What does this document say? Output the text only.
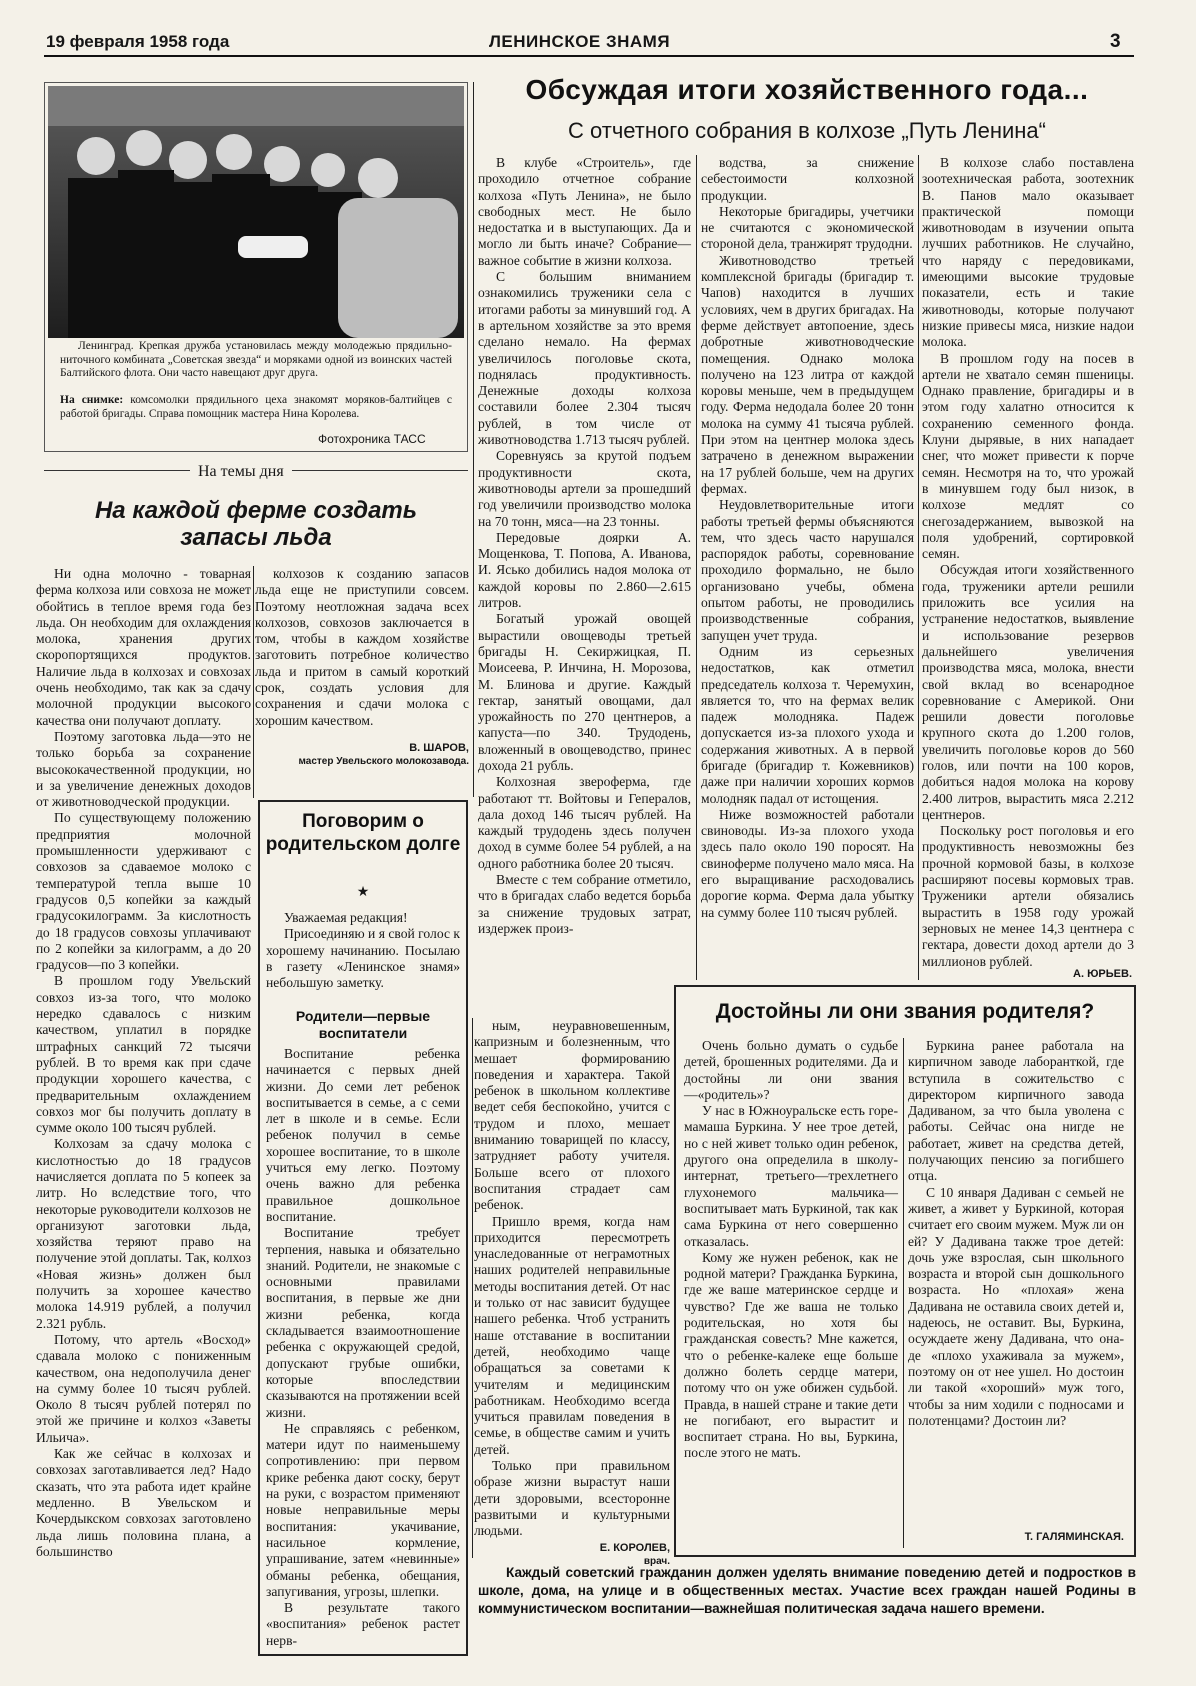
19 февраля 1958 года	ЛЕНИНСКОЕ ЗНАМЯ	3
Ленинград. Крепкая дружба установилась между молодежью прядильно-ниточного комбината „Советская звезда“ и моряками одной из воинских частей Балтийского флота. Они часто навещают друг друга.
На снимке: комсомолки прядильного цеха знакомят моряков-балтийцев с работой бригады. Справа помощник мастера Нина Королева.
Фотохроника ТАСС
На темы дня
На каждой ферме создать запасы льда

Ни одна молочно - товарная ферма колхоза или совхоза не может обойтись в теплое время года без льда. Он необходим для охлаждения молока, хранения других скоропортящихся продуктов. Наличие льда в колхозах и совхозах очень необходимо, так как за сдачу молочной продукции высокого качества они получают доплату.

Поэтому заготовка льда—это не только борьба за сохранение высококачественной продукции, но и за увеличение денежных доходов от животноводческой продукции.

По существующему положению предприятия молочной промышленности удерживают с совхозов за сдаваемое молоко с температурой тепла выше 10 градусов 0,5 копейки за каждый градусокилограмм. За кислотность до 18 градусов совхозы уплачивают по 2 копейки за килограмм, а до 20 градусов—по 3 копейки.

В прошлом году Увельский совхоз из-за того, что молоко нередко сдавалось с низким качеством, уплатил в порядке штрафных санкций 72 тысячи рублей. В то время как при сдаче продукции хорошего качества, с предварительным охлаждением совхоз мог бы получить доплату в сумме около 100 тысяч рублей.

Колхозам за сдачу молока с кислотностью до 18 градусов начисляется доплата по 5 копеек за литр. Но вследствие того, что некоторые руководители колхозов не организуют заготовки льда, хозяйства теряют право на получение этой доплаты. Так, колхоз «Новая жизнь» должен был получить за хорошее качество молока 14.919 рублей, а получил 2.321 рубль.

Потому, что артель «Восход» сдавала молоко с пониженным качеством, она недополучила денег на сумму более 10 тысяч рублей. Около 8 тысяч рублей потерял по этой же причине и колхоз «Заветы Ильича».

Как же сейчас в колхозах и совхозах заготавливается лед? Надо сказать, что эта работа идет крайне медленно. В Увельском и Кочердыкском совхозах заготовлено льда лишь половина плана, а большинство

колхозов к созданию запасов льда еще не приступили совсем. Поэтому неотложная задача всех колхозов, совхозов заключается в том, чтобы в каждом хозяйстве заготовить потребное количество льда и притом в самый короткий срок, создать условия для сохранения и сдачи молока с хорошим качеством.

В. ШАРОВ,
мастер Увельского молокозавода.
Обсуждая итоги хозяйственного года...
С отчетного собрания в колхозе „Путь Ленина“

В клубе «Строитель», где проходило отчетное собрание колхоза «Путь Ленина», не было свободных мест. Не было недостатка и в выступающих. Да и могло ли быть иначе? Собрание—важное событие в жизни колхоза.

С большим вниманием ознакомились труженики села с итогами работы за минувший год. А в артельном хозяйстве за это время сделано немало. На фермах увеличилось поголовье скота, поднялась продуктивность. Денежные доходы колхоза составили более 2.304 тысяч рублей, в том числе от животноводства 1.713 тысяч рублей.

Соревнуясь за крутой подъем продуктивности скота, животноводы артели за прошедший год увеличили производство молока на 70 тонн, мяса—на 23 тонны.

Передовые доярки А. Мощенкова, Т. Попова, А. Иванова, И. Ясько добились надоя молока от каждой коровы по 2.860—2.615 литров.

Богатый урожай овощей вырастили овощеводы третьей бригады Н. Секиржицкая, П. Моисеева, Р. Инчина, Н. Морозова, М. Блинова и другие. Каждый гектар, занятый овощами, дал урожайность по 270 центнеров, а капуста—по 340. Трудодень, вложенный в овощеводство, принес дохода 21 рубль.

Колхозная звероферма, где работают тт. Войтовы и Гепералов, дала доход 146 тысяч рублей. На каждый трудодень здесь получен доход в сумме более 54 рублей, а на одного работника более 20 тысяч.

Вместе с тем собрание отметило, что в бригадах слабо ведется борьба за снижение трудовых затрат, издержек произ-

водства, за снижение себестоимости колхозной продукции.

Некоторые бригадиры, учетчики не считаются с экономической стороной дела, транжирят трудодни.

Животноводство третьей комплексной бригады (бригадир т. Чапов) находится в лучших условиях, чем в других бригадах. На ферме действует автопоение, здесь добротные животноводческие помещения. Однако молока получено на 123 литра от каждой коровы меньше, чем в предыдущем году. Ферма недодала более 20 тонн молока на сумму 41 тысяча рублей. При этом на центнер молока здесь затрачено в денежном выражении на 17 рублей больше, чем на других фермах.

Неудовлетворительные итоги работы третьей фермы объясняются тем, что здесь часто нарушался распорядок работы, соревнование проходило формально, не было организовано учебы, обмена опытом работы, не проводились производственные собрания, запущен учет труда.

Одним из серьезных недостатков, как отметил председатель колхоза т. Черемухин, является то, что на фермах велик падеж молодняка. Падеж допускается из-за плохого ухода и содержания животных. А в первой бригаде (бригадир т. Кожевников) даже при наличии хороших кормов молодняк падал от истощения.

Ниже возможностей работали свиноводы. Из-за плохого ухода здесь пало около 190 поросят. На свиноферме получено мало мяса. На его выращивание расходовались дорогие корма. Ферма дала убытку на сумму более 110 тысяч рублей.

В колхозе слабо поставлена зоотехническая работа, зоотехник В. Панов мало оказывает практической помощи животноводам в изучении опыта лучших работников. Не случайно, что наряду с передовиками, имеющими высокие трудовые показатели, есть и такие животноводы, которые получают низкие привесы мяса, низкие надои молока.

В прошлом году на посев в артели не хватало семян пшеницы. Однако правление, бригадиры и в этом году халатно относится к сохранению семенного фонда. Клуни дырявые, в них нападает снег, что может привести к порче семян. Несмотря на то, что урожай в минувшем году был низок, в колхозе медлят со снегозадержанием, вывозкой на поля удобрений, сортировкой семян.

Обсуждая итоги хозяйственного года, труженики артели решили приложить все усилия на устранение недостатков, выявление и использование резервов дальнейшего увеличения производства мяса, молока, внести свой вклад во всенародное соревнование с Америкой. Они решили довести поголовье крупного скота до 1.200 голов, увеличить поголовье коров до 560 голов, или почти на 100 коров, добиться надоя молока на корову 2.400 литров, вырастить мяса 2.212 центнеров.

Поскольку рост поголовья и его продуктивность невозможны без прочной кормовой базы, в колхозе расширяют посевы кормовых трав. Труженики артели обязались вырастить в 1958 году урожай зерновых не менее 14,3 центнера с гектара, довести доход артели до 3 миллионов рублей.

А. ЮРЬЕВ.
Поговорим о родительском долге
★

Уважаемая редакция!

Присоединяю и я свой голос к хорошему начинанию. Посылаю в газету «Ленинское знамя» небольшую заметку.

Родители—первые воспитатели

Воспитание ребенка начинается с первых дней жизни. До семи лет ребенок воспитывается в семье, а с семи лет в школе и в семье. Если ребенок получил в семье хорошее воспитание, то в школе учиться ему легко. Поэтому очень важно для ребенка правильное дошкольное воспитание.

Воспитание требует терпения, навыка и обязательно знаний. Родители, не знакомые с основными правилами воспитания, в первые же дни жизни ребенка, когда складывается взаимоотношение ребенка с окружающей средой, допускают грубые ошибки, которые впоследствии сказываются на протяжении всей жизни.

Не справляясь с ребенком, матери идут по наименьшему сопротивлению: при первом крике ребенка дают соску, берут на руки, с возрастом применяют новые неправильные меры воспитания: укачивание, насильное кормление, упрашивание, затем «невинные» обманы ребенка, обещания, запугивания, угрозы, шлепки.

В результате такого «воспитания» ребенок растет нерв-

ным, неуравновешенным, капризным и болезненным, что мешает формированию поведения и характера. Такой ребенок в школьном коллективе ведет себя беспокойно, учится с трудом и плохо, мешает вниманию товарищей по классу, затрудняет работу учителя. Больше всего от плохого воспитания страдает сам ребенок.

Пришло время, когда нам приходится пересмотреть унаследованные от неграмотных наших родителей неправильные методы воспитания детей. От нас и только от нас зависит будущее нашего ребенка. Чтоб устранить наше отставание в воспитании детей, необходимо чаще обращаться за советами к учителям и медицинским работникам. Необходимо всегда учиться правилам поведения в семье, в обществе самим и учить детей.

Только при правильном образе жизни вырастут наши дети здоровыми, всесторонне развитыми и культурными людьми.

Е. КОРОЛЕВ,
врач.
Достойны ли они звания родителя?

Очень больно думать о судьбе детей, брошенных родителями. Да и достойны ли они звания—«родитель»?

У нас в Южноуральске есть горе-мамаша Буркина. У нее трое детей, но с ней живет только один ребенок, другого она определила в школу-интернат, третьего—трехлетнего глухонемого мальчика—воспитывает мать Буркиной, так как сама Буркина от него совершенно отказалась.

Кому же нужен ребенок, как не родной матери? Гражданка Буркина, где же ваше материнское сердце и чувство? Где же ваша не только родительская, но хотя бы гражданская совесть? Мне кажется, что о ребенке-калеке еще больше должно болеть сердце матери, потому что он уже обижен судьбой. Правда, в нашей стране и такие дети не погибают, его вырастит и воспитает страна. Но вы, Буркина, после этого не мать.

Буркина ранее работала на кирпичном заводе лаборанткой, где вступила в сожительство с директором кирпичного завода Дадиваном, за что была уволена с работы. Сейчас она нигде не работает, живет на средства детей, получающих пенсию за погибшего отца.

С 10 января Дадиван с семьей не живет, а живет у Буркиной, которая считает его своим мужем. Муж ли он ей? У Дадивана также трое детей: дочь уже взрослая, сын школьного возраста и второй сын дошкольного возраста. Но «плохая» жена Дадивана не оставила своих детей и, надеюсь, не оставит. Вы, Буркина, осуждаете жену Дадивана, что она-де «плохо ухаживала за мужем», поэтому он от нее ушел. Но достоин ли такой «хороший» муж того, чтобы за ним ходили с подносами и полотенцами? Достоин ли?

Т. ГАЛЯМИНСКАЯ.
Каждый советский гражданин должен уделять внимание поведению детей и подростков в школе, дома, на улице и в общественных местах. Участие всех граждан нашей Родины в коммунистическом воспитании—важнейшая политическая задача нашего времени.
